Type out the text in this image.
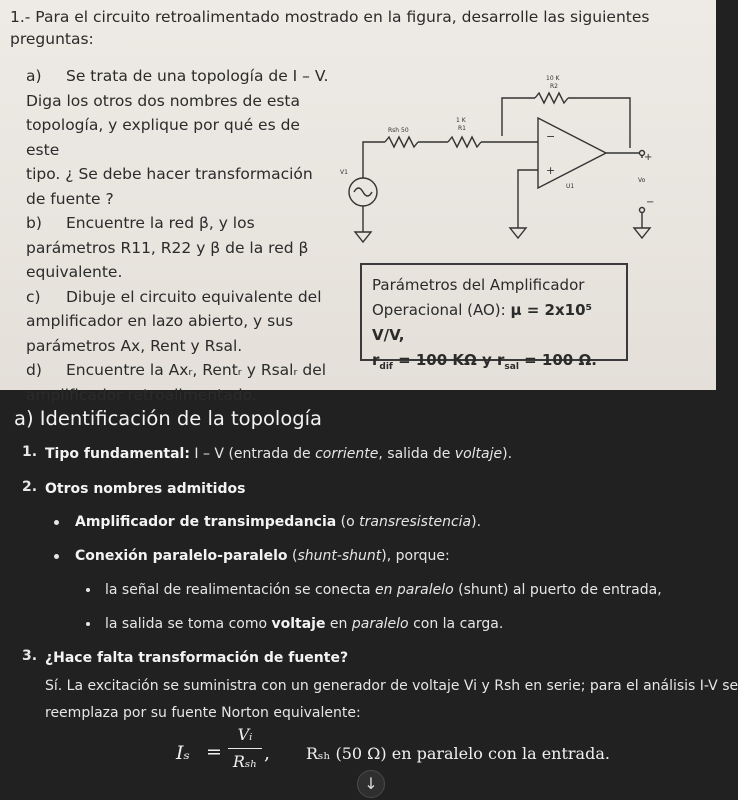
1.- Para el circuito retroalimentado mostrado en la figura, desarrolle las siguientes
preguntas:
a) Se trata de una topología de I – V.
Diga los otros dos nombres de esta
topología, y explique por qué es de este
tipo. ¿ Se debe hacer transformación
de fuente ?
b) Encuentre la red β, y los
parámetros R11, R22 y β de la red β
equivalente.
c) Dibuje el circuito equivalente del
amplificador en lazo abierto, y sus
parámetros Ax, Rent y Rsal.
d) Encuentre la Axᵣ, Rentᵣ y Rsalᵣ del
amplificador retroalimentado.
−
+
+
−
10 K
R2
1 K
R1
Rsh 50
V1
U1
Vo
Parámetros del Amplificador
Operacional (AO): μ = 2x10⁵ V/V,
$r_{dif} = 100$ KΩ y $r_{sal} = 100$ Ω.
a) Identificación de la topología
1. Tipo fundamental: I – V (entrada de corriente, salida de voltaje).
2. Otros nombres admitidos
Amplificador de transimpedancia (o transresistencia).
Conexión paralelo-paralelo (shunt-shunt), porque:
la señal de realimentación se conecta en paralelo (shunt) al puerto de entrada,
la salida se toma como voltaje en paralelo con la carga.
3. ¿Hace falta transformación de fuente?
Sí. La excitación se suministra con un generador de voltaje Vi y Rsh en serie; para el análisis I-V se
reemplaza por su fuente Norton equivalente:
Iₛ =
Vᵢ
Rₛₕ , Rₛₕ (50 Ω) en paralelo con la entrada.
↓
